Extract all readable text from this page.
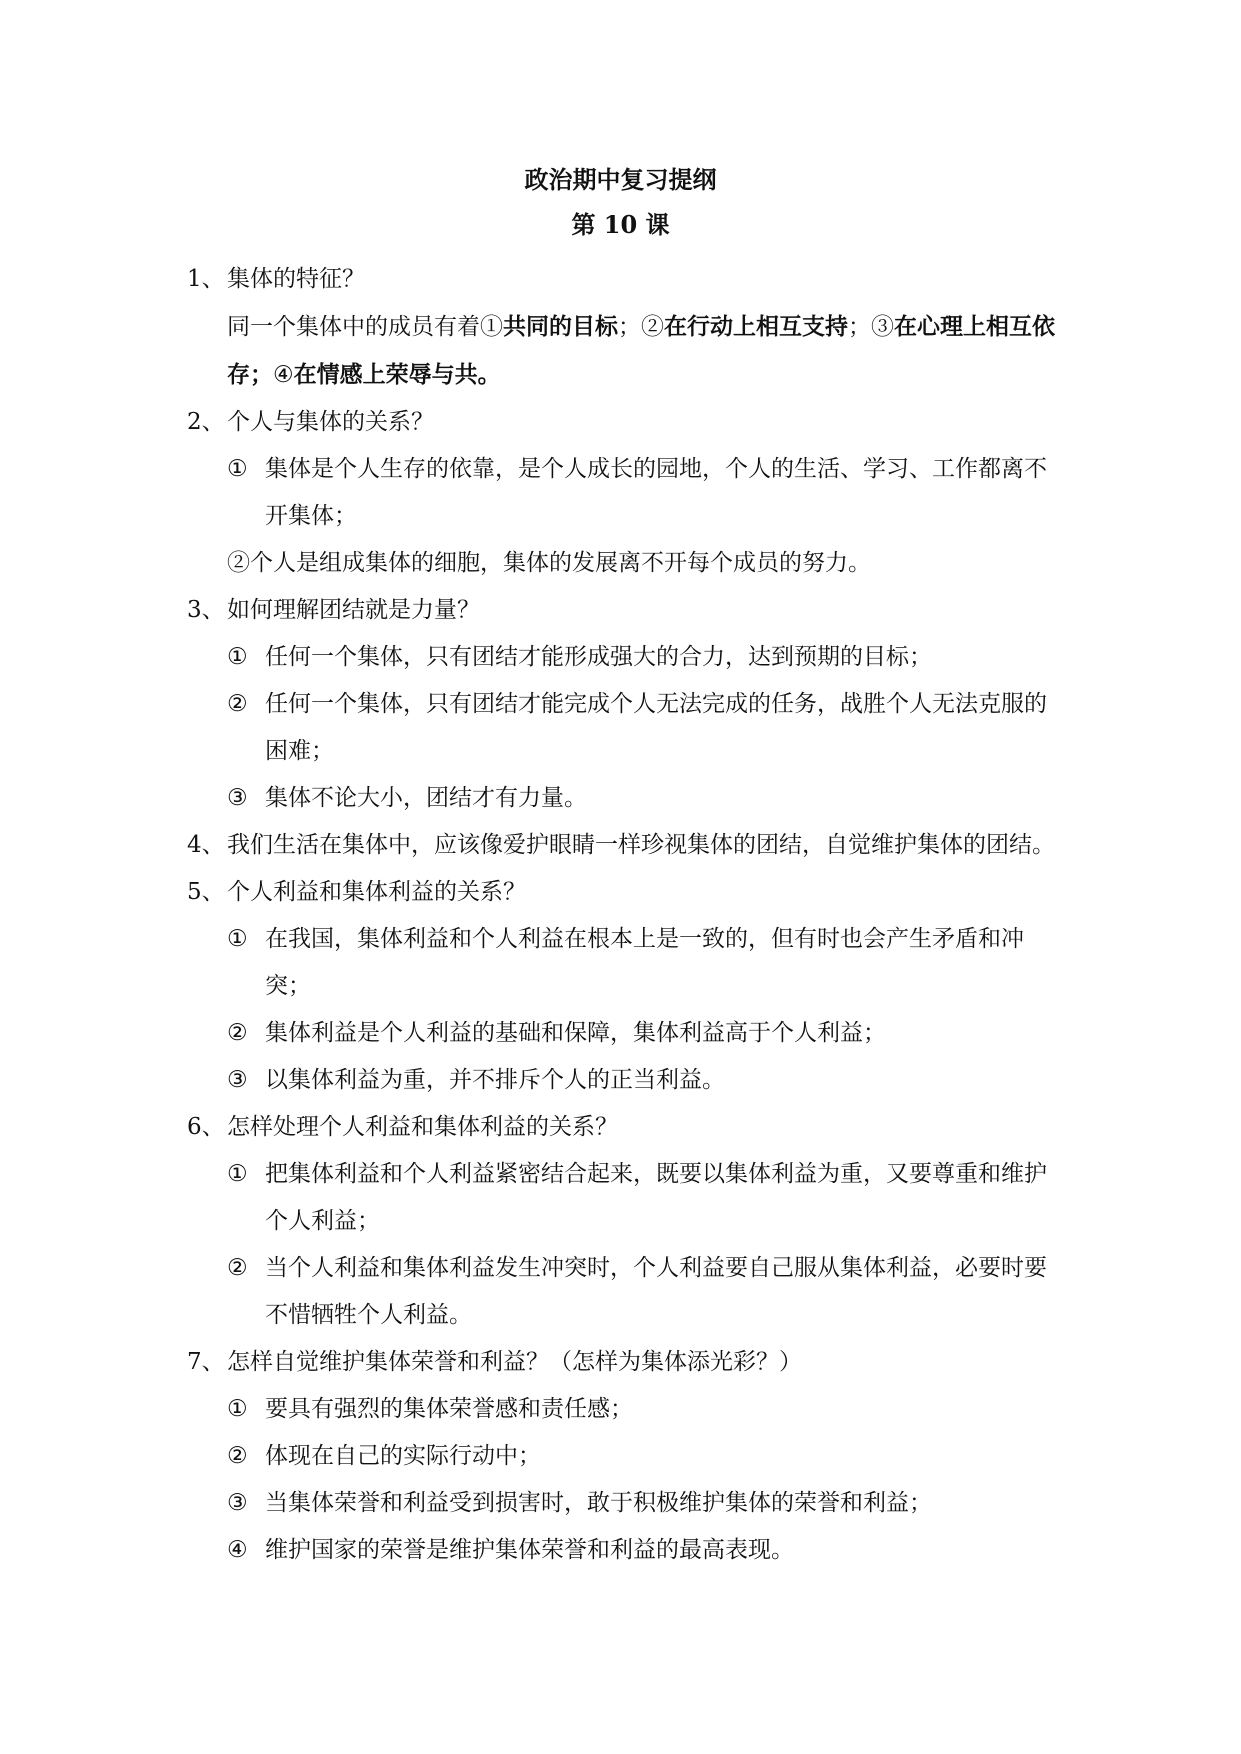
政治期中复习提纲
第 10 课
1、 集体的特征？
同一个集体中的成员有着①共同的目标；②在行动上相互支持；③在心理上相互依存；④在情感上荣辱与共。
2、 个人与集体的关系？
① 集体是个人生存的依靠，是个人成长的园地，个人的生活、学习、工作都离不开集体；
②个人是组成集体的细胞，集体的发展离不开每个成员的努力。
3、 如何理解团结就是力量？
① 任何一个集体，只有团结才能形成强大的合力，达到预期的目标；
② 任何一个集体，只有团结才能完成个人无法完成的任务，战胜个人无法克服的困难；
③ 集体不论大小，团结才有力量。
4、 我们生活在集体中，应该像爱护眼睛一样珍视集体的团结，自觉维护集体的团结。
5、 个人利益和集体利益的关系？
① 在我国，集体利益和个人利益在根本上是一致的，但有时也会产生矛盾和冲突；
② 集体利益是个人利益的基础和保障，集体利益高于个人利益；
③ 以集体利益为重，并不排斥个人的正当利益。
6、 怎样处理个人利益和集体利益的关系？
① 把集体利益和个人利益紧密结合起来，既要以集体利益为重，又要尊重和维护个人利益；
② 当个人利益和集体利益发生冲突时，个人利益要自己服从集体利益，必要时要不惜牺牲个人利益。
7、 怎样自觉维护集体荣誉和利益？（怎样为集体添光彩？）
① 要具有强烈的集体荣誉感和责任感；
② 体现在自己的实际行动中；
③ 当集体荣誉和利益受到损害时，敢于积极维护集体的荣誉和利益；
④ 维护国家的荣誉是维护集体荣誉和利益的最高表现。
